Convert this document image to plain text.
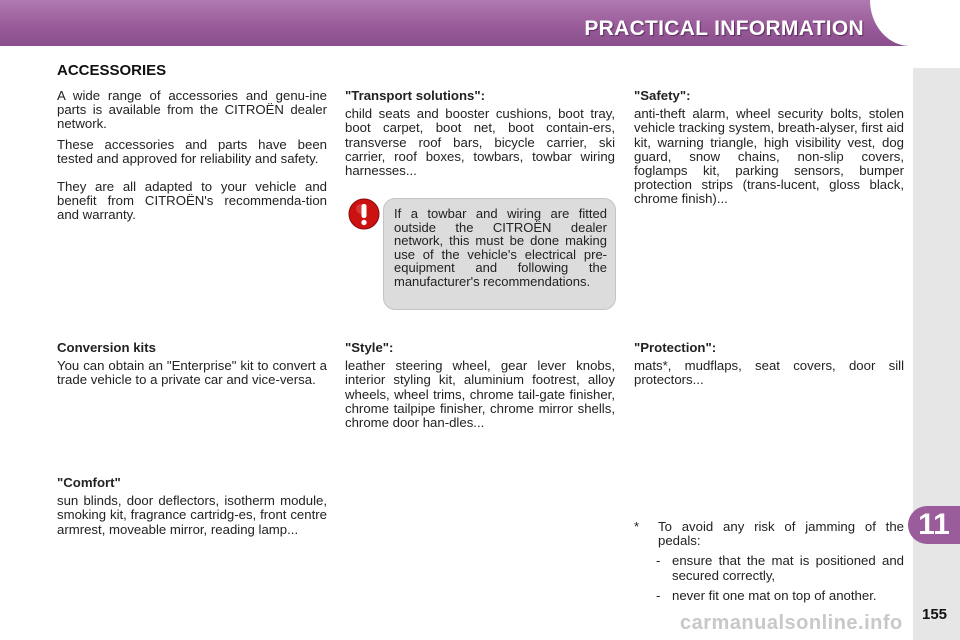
PRACTICAL INFORMATION
11
155
carmanualsonline.info
ACCESSORIES

A wide range of accessories and genu-ine parts is available from the CITROËN dealer network.

These accessories and parts have been tested and approved for reliability and safety.

They are all adapted to your vehicle and benefit from CITROËN's recommenda-tion and warranty.

"Transport solutions":

child seats and booster cushions, boot tray, boot carpet, boot net, boot contain-ers, transverse roof bars, bicycle carrier, ski carrier, roof boxes, towbars, towbar wiring harnesses...

"Safety":

anti-theft alarm, wheel security bolts, stolen vehicle tracking system, breath-alyser, first aid kit, warning triangle, high visibility vest, dog guard, snow chains, non-slip covers, foglamps kit, parking sensors, bumper protection strips (trans-lucent, gloss black, chrome finish)...

If a towbar and wiring are fitted outside the CITROËN dealer network, this must be done making use of the vehicle's electrical pre-equipment and following the manufacturer's recommendations.

Conversion kits

You can obtain an "Enterprise" kit to convert a trade vehicle to a private car and vice-versa.

"Style":

leather steering wheel, gear lever knobs, interior styling kit, aluminium footrest, alloy wheels, wheel trims, chrome tail-gate finisher, chrome tailpipe finisher, chrome mirror shells, chrome door han-dles...

"Protection":

mats*, mudflaps, seat covers, door sill protectors...

"Comfort"

sun blinds, door deflectors, isotherm module, smoking kit, fragrance cartridg-es, front centre armrest, moveable mirror, reading lamp...	*	To avoid any risk of jamming of the pedals:
- ensure that the mat is positioned and secured correctly,
- never fit one mat on top of another.
